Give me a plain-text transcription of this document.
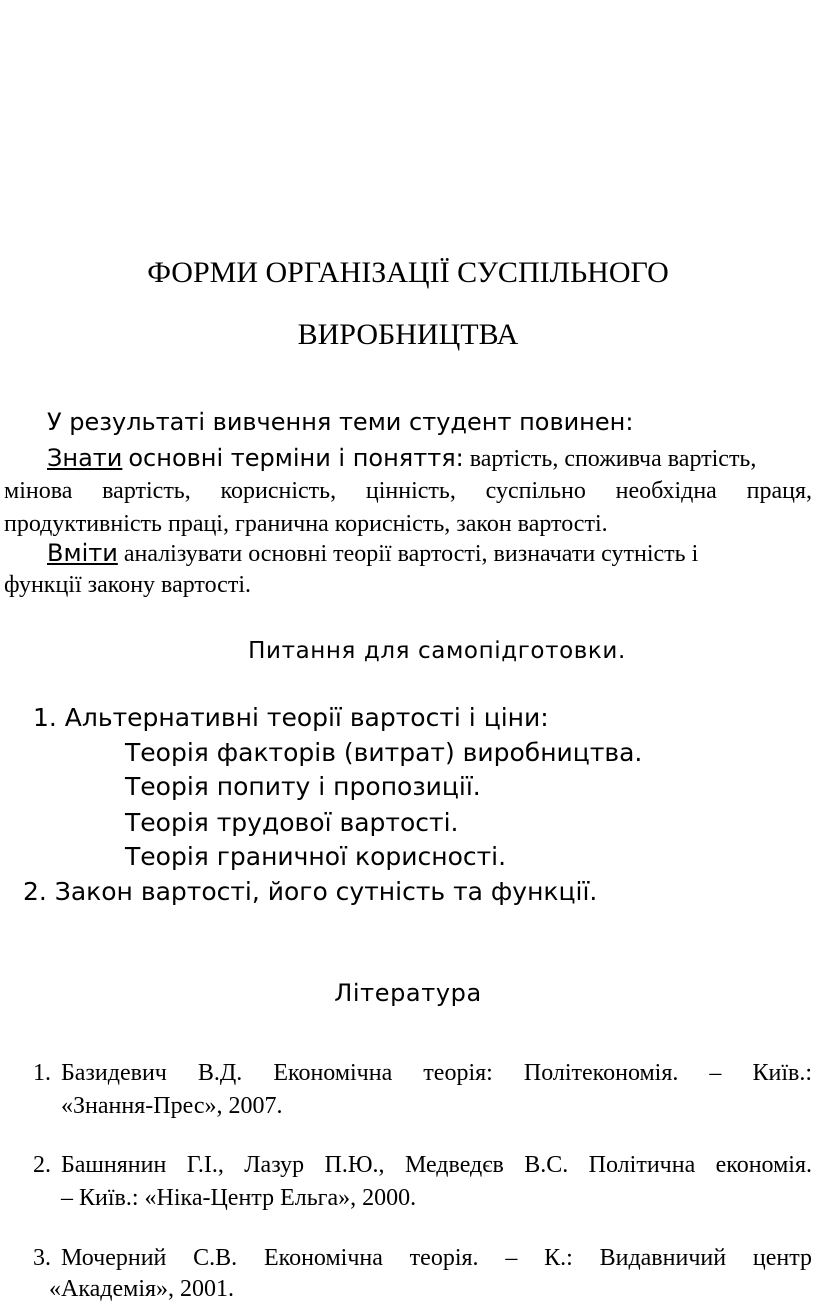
ФОРМИ ОРГАНІЗАЦІЇ СУСПІЛЬНОГО
ВИРОБНИЦТВА
У результаті вивчення теми студент повинен:
Знати основні терміни і поняття: вартість, споживча вартість,
мінова вартість, корисність, цінність, суспільно необхідна праця,
продуктивність праці, гранична корисність, закон вартості.
Вміти аналізувати основні теорії вартості, визначати сутність і
функції закону вартості.
Питання для самопідготовки.
1. Альтернативні теорії вартості і ціни:
Теорія факторів (витрат) виробництва.
Теорія попиту і пропозиції.
Теорія трудової вартості.
Теорія граничної корисності.
2. Закон вартості, його сутність та функції.
Література
1. Базидевич В.Д. Економічна теорія: Політекономія. – Київ.:
«Знання-Прес», 2007.
2. Башнянин Г.І., Лазур П.Ю., Медведєв В.С. Політична економія.
– Київ.: «Ніка-Центр Ельга», 2000.
3. Мочерний С.В. Економічна теорія. – К.: Видавничий центр
«Академія», 2001.
